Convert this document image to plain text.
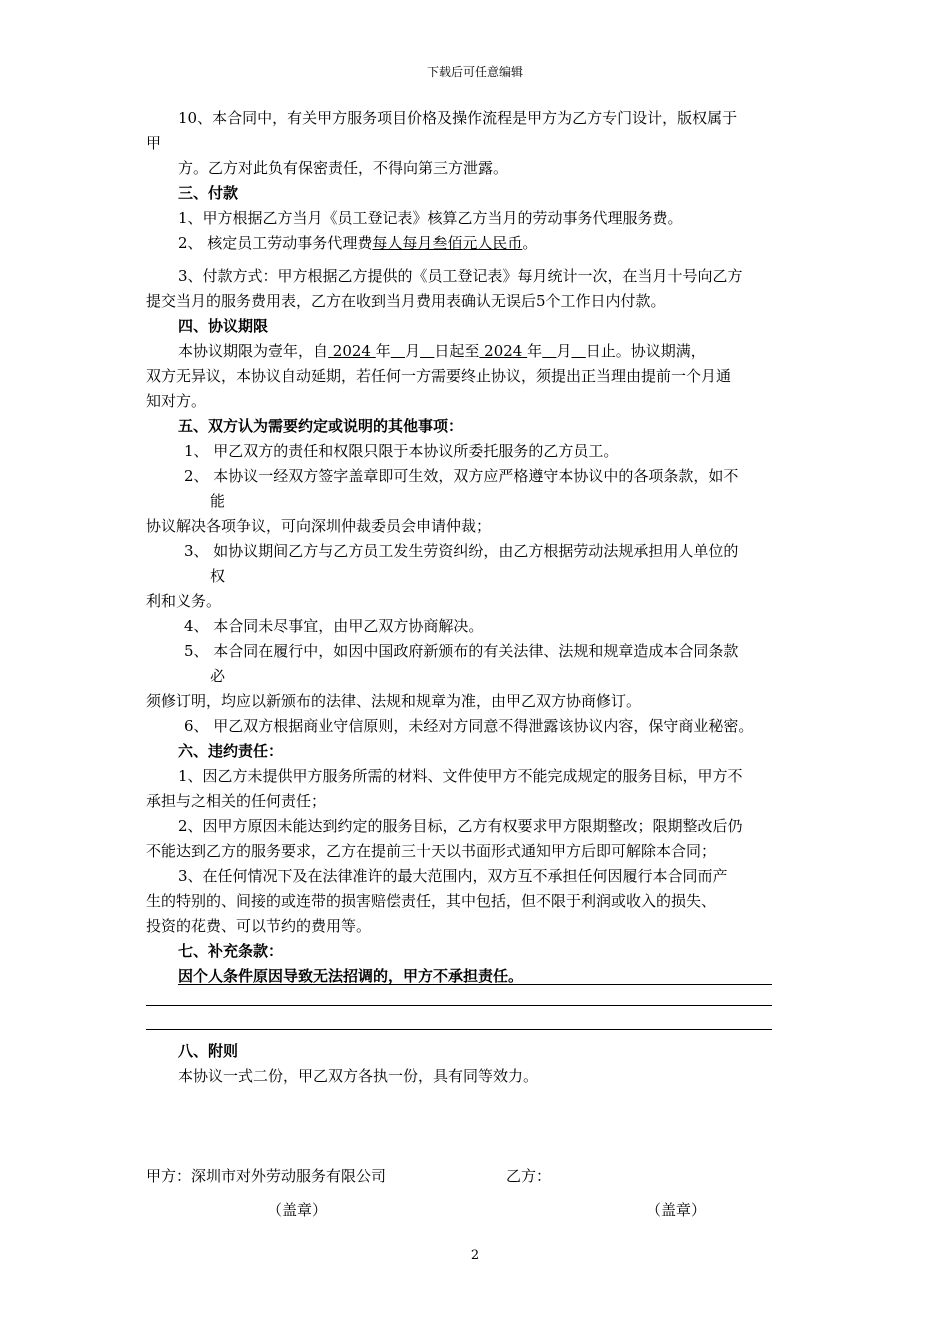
下载后可任意编辑
10、本合同中，有关甲方服务项目价格及操作流程是甲方为乙方专门设计，版权属于
甲
方。乙方对此负有保密责任，不得向第三方泄露。
三、付款
1、甲方根据乙方当月《员工登记表》核算乙方当月的劳动事务代理服务费。
2、 核定员工劳动事务代理费每人每月叁佰元人民币。
3、付款方式：甲方根据乙方提供的《员工登记表》每月统计一次，在当月十号向乙方
提交当月的服务费用表，乙方在收到当月费用表确认无误后5个工作日内付款。
四、协议期限
本协议期限为壹年，自 2024 年 月 日起至 2024 年 月 日止。协议期满，
双方无异议，本协议自动延期，若任何一方需要终止协议，须提出正当理由提前一个月通
知对方。
五、双方认为需要约定或说明的其他事项：
1、 甲乙双方的责任和权限只限于本协议所委托服务的乙方员工。
2、 本协议一经双方签字盖章即可生效，双方应严格遵守本协议中的各项条款，如不
能
协议解决各项争议，可向深圳仲裁委员会申请仲裁；
3、 如协议期间乙方与乙方员工发生劳资纠纷，由乙方根据劳动法规承担用人单位的
权
利和义务。
4、 本合同未尽事宜，由甲乙双方协商解决。
5、 本合同在履行中，如因中国政府新颁布的有关法律、法规和规章造成本合同条款
必
须修订明，均应以新颁布的法律、法规和规章为准，由甲乙双方协商修订。
6、 甲乙双方根据商业守信原则，未经对方同意不得泄露该协议内容，保守商业秘密。
六、违约责任：
1、因乙方未提供甲方服务所需的材料、文件使甲方不能完成规定的服务目标，甲方不
承担与之相关的任何责任；
2、因甲方原因未能达到约定的服务目标，乙方有权要求甲方限期整改；限期整改后仍
不能达到乙方的服务要求，乙方在提前三十天以书面形式通知甲方后即可解除本合同；
3、在任何情况下及在法律准许的最大范围内，双方互不承担任何因履行本合同而产
生的特别的、间接的或连带的损害赔偿责任，其中包括，但不限于利润或收入的损失、
投资的花费、可以节约的费用等。
七、补充条款：
因个人条件原因导致无法招调的，甲方不承担责任。
八、附则
本协议一式二份，甲乙双方各执一份，具有同等效力。
甲方：深圳市对外劳动服务有限公司	乙方：
（盖章）	（盖章）
2
